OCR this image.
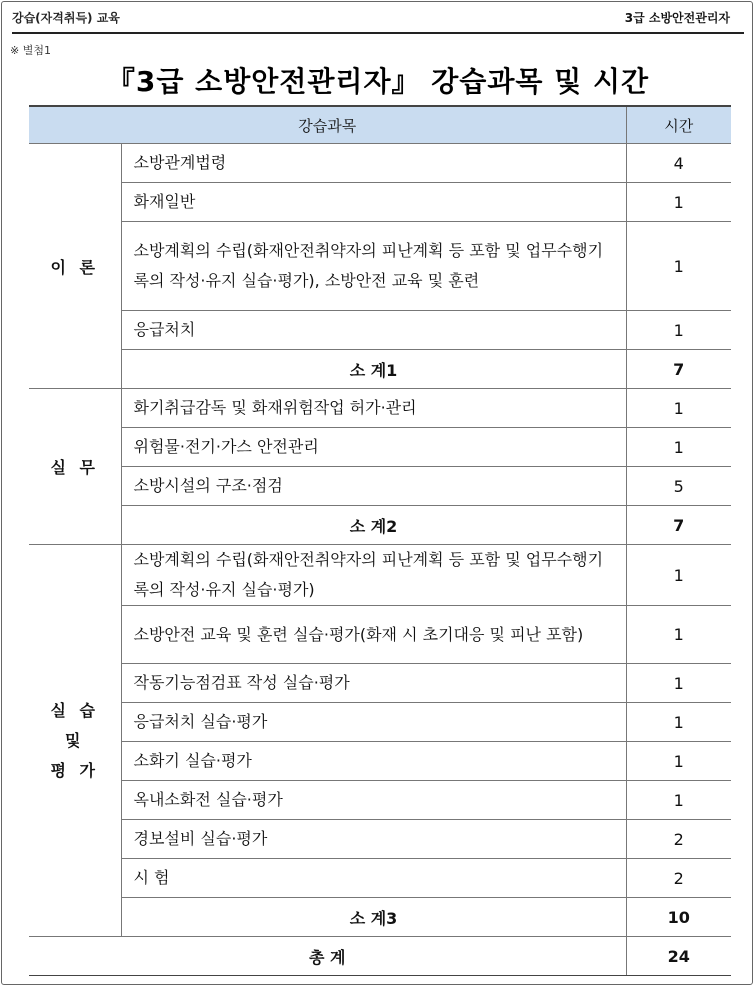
강습(자격취득) 교육	3급 소방안전관리자
※ 별첨1
『3급 소방안전관리자』 강습과목 및 시간
강습과목		시간
이 론	소방관계법령	4
	화재일반	1
	소방계획의 수립(화재안전취약자의 피난계획 등 포함 및 업무수행기록의 작성·유지 실습·평가), 소방안전 교육 및 훈련	1
	응급처치	1
	소 계1	7
실 무	화기취급감독 및 화재위험작업 허가·관리	1
	위험물·전기·가스 안전관리	1
	소방시설의 구조·점검	5
	소 계2	7

실 습
및
평 가	소방계획의 수립(화재안전취약자의 피난계획 등 포함 및 업무수행기록의 작성·유지 실습·평가)	1
	소방안전 교육 및 훈련 실습·평가(화재 시 초기대응 및 피난 포함)	1
	작동기능점검표 작성 실습·평가	1
	응급처치 실습·평가	1
	소화기 실습·평가	1
	옥내소화전 실습·평가	1
	경보설비 실습·평가	2
	시 험	2
	소 계3	10
총 계		24
